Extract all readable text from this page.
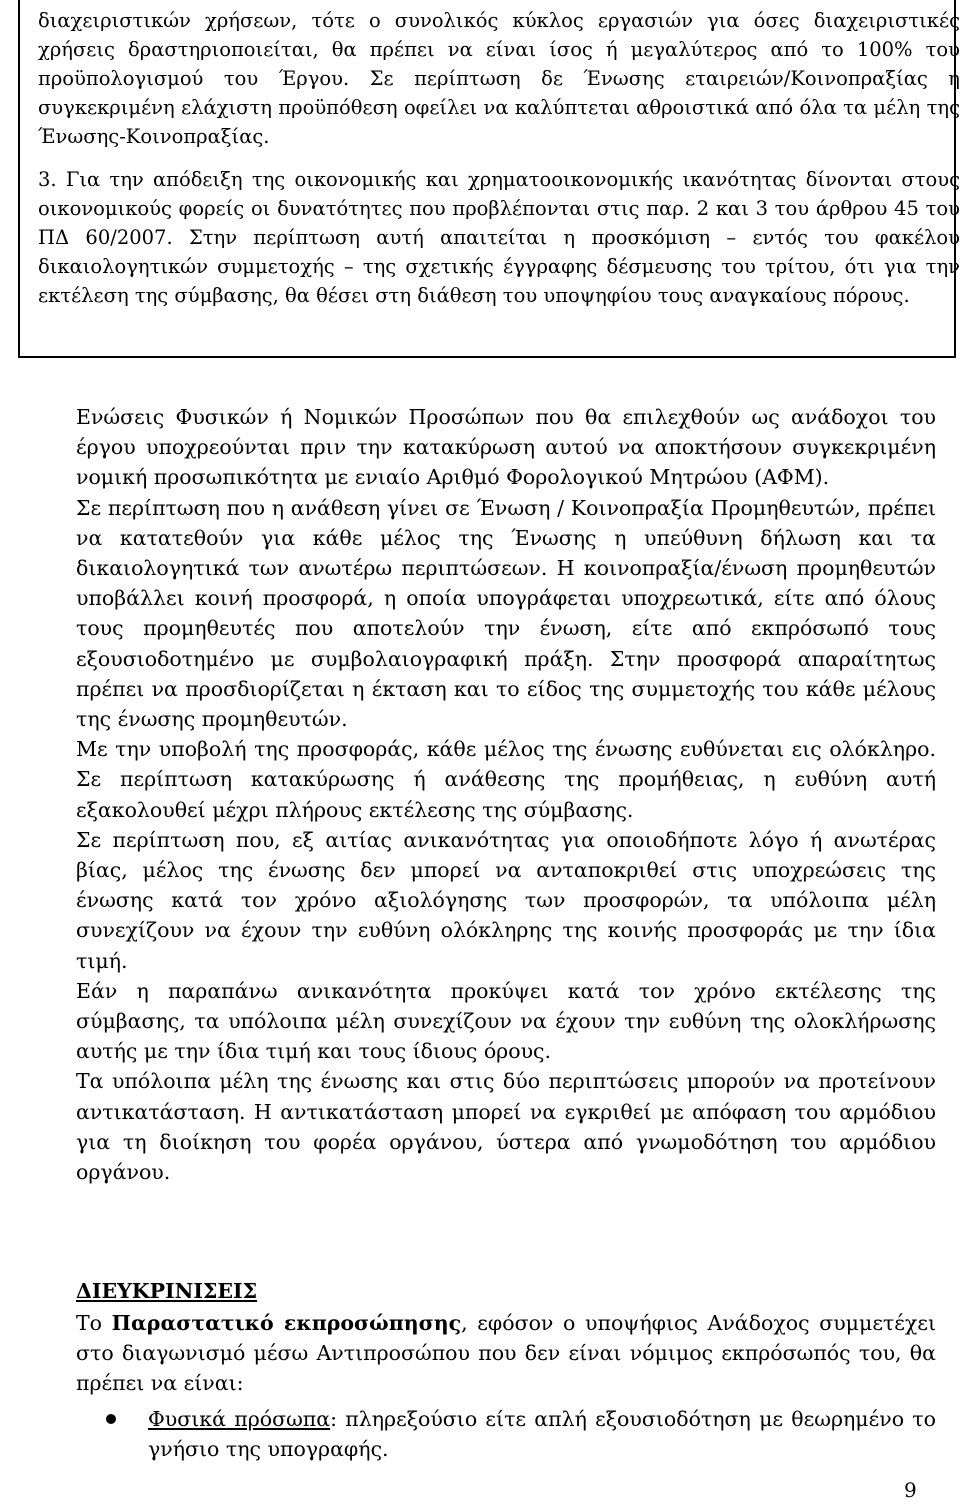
διαχειριστικών χρήσεων, τότε ο συνολικός κύκλος εργασιών για όσες διαχειριστικές χρήσεις δραστηριοποιείται, θα πρέπει να είναι ίσος ή μεγαλύτερος από το 100% του προϋπολογισμού του Έργου. Σε περίπτωση δε Ένωσης εταιρειών/Κοινοπραξίας η συγκεκριμένη ελάχιστη προϋπόθεση οφείλει να καλύπτεται αθροιστικά από όλα τα μέλη της Ένωσης-Κοινοπραξίας.

3. Για την απόδειξη της οικονομικής και χρηματοοικονομικής ικανότητας δίνονται στους οικονομικούς φορείς οι δυνατότητες που προβλέπονται στις παρ. 2 και 3 του άρθρου 45 του ΠΔ 60/2007. Στην περίπτωση αυτή απαιτείται η προσκόμιση – εντός του φακέλου δικαιολογητικών συμμετοχής – της σχετικής έγγραφης δέσμευσης του τρίτου, ότι για την εκτέλεση της σύμβασης, θα θέσει στη διάθεση του υποψηφίου τους αναγκαίους πόρους.

Ενώσεις Φυσικών ή Νομικών Προσώπων που θα επιλεχθούν ως ανάδοχοι του έργου υποχρεούνται πριν την κατακύρωση αυτού να αποκτήσουν συγκεκριμένη νομική προσωπικότητα με ενιαίο Αριθμό Φορολογικού Μητρώου (ΑΦΜ).

Σε περίπτωση που η ανάθεση γίνει σε Ένωση / Κοινοπραξία Προμηθευτών, πρέπει να κατατεθούν για κάθε μέλος της Ένωσης η υπεύθυνη δήλωση και τα δικαιολογητικά των ανωτέρω περιπτώσεων. Η κοινοπραξία/ένωση προμηθευτών υποβάλλει κοινή προσφορά, η οποία υπογράφεται υποχρεωτικά, είτε από όλους τους προμηθευτές που αποτελούν την ένωση, είτε από εκπρόσωπό τους εξουσιοδοτημένο με συμβολαιογραφική πράξη. Στην προσφορά απαραίτητως πρέπει να προσδιορίζεται η έκταση και το είδος της συμμετοχής του κάθε μέλους της ένωσης προμηθευτών.

Με την υποβολή της προσφοράς, κάθε μέλος της ένωσης ευθύνεται εις ολόκληρο. Σε περίπτωση κατακύρωσης ή ανάθεσης της προμήθειας, η ευθύνη αυτή εξακολουθεί μέχρι πλήρους εκτέλεσης της σύμβασης.

Σε περίπτωση που, εξ αιτίας ανικανότητας για οποιοδήποτε λόγο ή ανωτέρας βίας, μέλος της ένωσης δεν μπορεί να ανταποκριθεί στις υποχρεώσεις της ένωσης κατά τον χρόνο αξιολόγησης των προσφορών, τα υπόλοιπα μέλη συνεχίζουν να έχουν την ευθύνη ολόκληρης της κοινής προσφοράς με την ίδια τιμή.

Εάν η παραπάνω ανικανότητα προκύψει κατά τον χρόνο εκτέλεσης της σύμβασης, τα υπόλοιπα μέλη συνεχίζουν να έχουν την ευθύνη της ολοκλήρωσης αυτής με την ίδια τιμή και τους ίδιους όρους.

Τα υπόλοιπα μέλη της ένωσης και στις δύο περιπτώσεις μπορούν να προτείνουν αντικατάσταση. Η αντικατάσταση μπορεί να εγκριθεί με απόφαση του αρμόδιου για τη διοίκηση του φορέα οργάνου, ύστερα από γνωμοδότηση του αρμόδιου οργάνου.

ΔΙΕΥΚΡΙΝΙΣΕΙΣ

Το Παραστατικό εκπροσώπησης, εφόσον ο υποψήφιος Ανάδοχος συμμετέχει στο διαγωνισμό μέσω Αντιπροσώπου που δεν είναι νόμιμος εκπρόσωπός του, θα πρέπει να είναι:

Φυσικά πρόσωπα: πληρεξούσιο είτε απλή εξουσιοδότηση με θεωρημένο το γνήσιο της υπογραφής.
9
